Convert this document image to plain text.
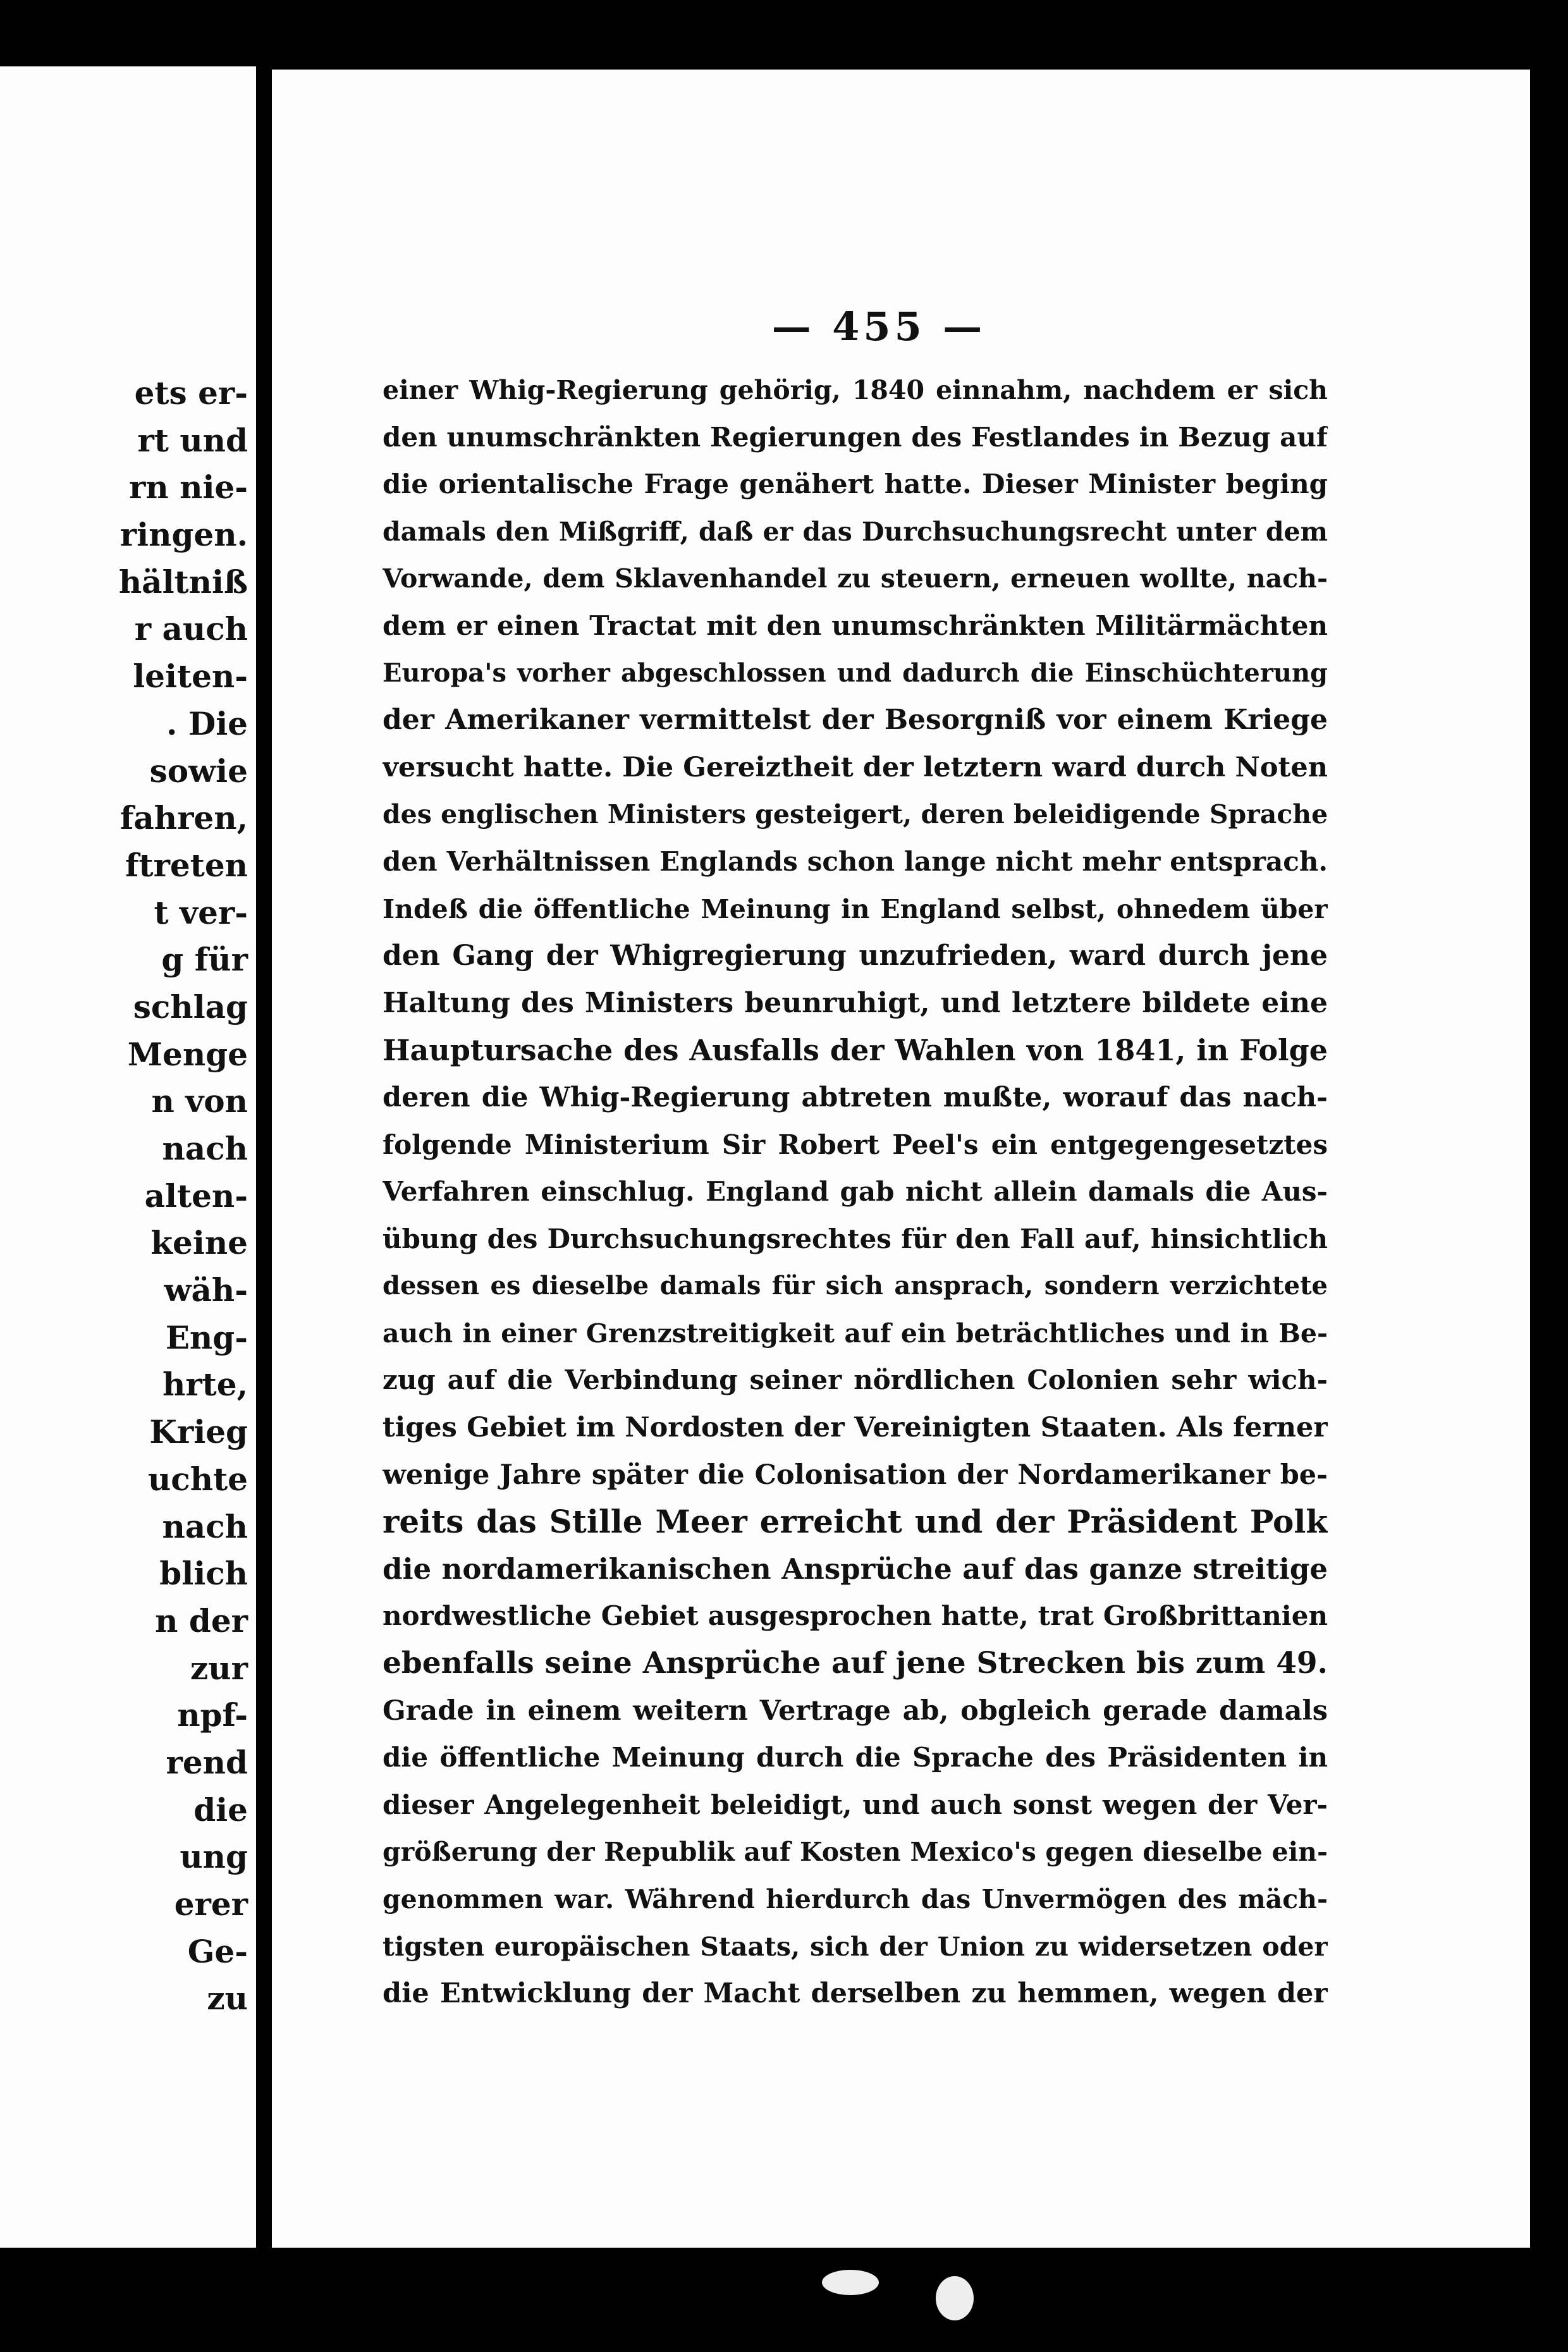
ets er-
rt und
rn nie-
ringen.
hältniß
r auch
leiten-
. Die
sowie
fahren,
ftreten
t ver-
g für
schlag
Menge
n von
nach
alten-
keine
wäh-
Eng-
hrte,
Krieg
uchte
nach
blich
n der
zur
npf-
rend
die
ung
erer
Ge-
zu
— 455 —
einer Whig-Regierung gehörig, 1840 einnahm, nachdem er sich
den unumschränkten Regierungen des Festlandes in Bezug auf
die orientalische Frage genähert hatte. Dieser Minister beging
damals den Mißgriff, daß er das Durchsuchungsrecht unter dem
Vorwande, dem Sklavenhandel zu steuern, erneuen wollte, nach-
dem er einen Tractat mit den unumschränkten Militärmächten
Europa's vorher abgeschlossen und dadurch die Einschüchterung
der Amerikaner vermittelst der Besorgniß vor einem Kriege
versucht hatte. Die Gereiztheit der letztern ward durch Noten
des englischen Ministers gesteigert, deren beleidigende Sprache
den Verhältnissen Englands schon lange nicht mehr entsprach.
Indeß die öffentliche Meinung in England selbst, ohnedem über
den Gang der Whigregierung unzufrieden, ward durch jene
Haltung des Ministers beunruhigt, und letztere bildete eine
Hauptursache des Ausfalls der Wahlen von 1841, in Folge
deren die Whig-Regierung abtreten mußte, worauf das nach-
folgende Ministerium Sir Robert Peel's ein entgegengesetztes
Verfahren einschlug. England gab nicht allein damals die Aus-
übung des Durchsuchungsrechtes für den Fall auf, hinsichtlich
dessen es dieselbe damals für sich ansprach, sondern verzichtete
auch in einer Grenzstreitigkeit auf ein beträchtliches und in Be-
zug auf die Verbindung seiner nördlichen Colonien sehr wich-
tiges Gebiet im Nordosten der Vereinigten Staaten. Als ferner
wenige Jahre später die Colonisation der Nordamerikaner be-
reits das Stille Meer erreicht und der Präsident Polk
die nordamerikanischen Ansprüche auf das ganze streitige
nordwestliche Gebiet ausgesprochen hatte, trat Großbrittanien
ebenfalls seine Ansprüche auf jene Strecken bis zum 49.
Grade in einem weitern Vertrage ab, obgleich gerade damals
die öffentliche Meinung durch die Sprache des Präsidenten in
dieser Angelegenheit beleidigt, und auch sonst wegen der Ver-
größerung der Republik auf Kosten Mexico's gegen dieselbe ein-
genommen war. Während hierdurch das Unvermögen des mäch-
tigsten europäischen Staats, sich der Union zu widersetzen oder
die Entwicklung der Macht derselben zu hemmen, wegen der
